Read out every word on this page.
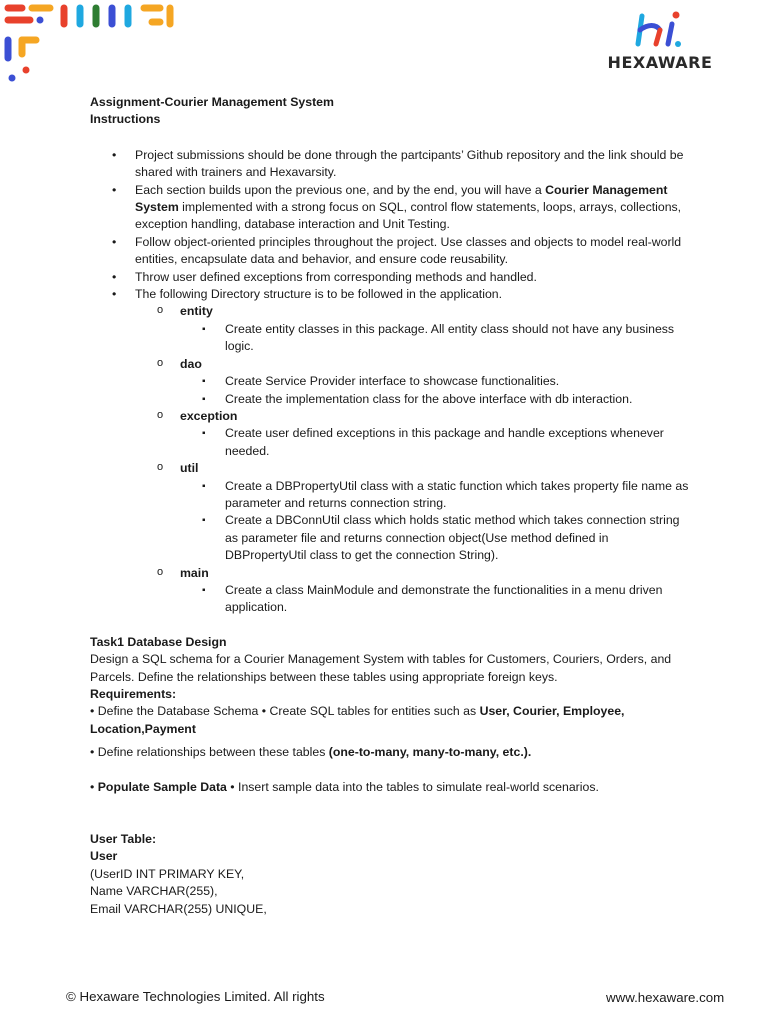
HEXAWARE

Assignment-Courier Management System

Instructions

• Project submissions should be done through the partcipants’ Github repository and the link should be shared with trainers and Hexavarsity.
• Each section builds upon the previous one, and by the end, you will have a Courier Management System implemented with a strong focus on SQL, control flow statements, loops, arrays, collections, exception handling, database interaction and Unit Testing.
• Follow object-oriented principles throughout the project. Use classes and objects to model real-world entities, encapsulate data and behavior, and ensure code reusability.
• Throw user defined exceptions from corresponding methods and handled.
• The following Directory structure is to be followed in the application.
o entity
▪ Create entity classes in this package. All entity class should not have any business logic.
o dao
▪ Create Service Provider interface to showcase functionalities.
▪ Create the implementation class for the above interface with db interaction.
o exception
▪ Create user defined exceptions in this package and handle exceptions whenever needed.
o util
▪ Create a DBPropertyUtil class with a static function which takes property file name as parameter and returns connection string.
▪ Create a DBConnUtil class which holds static method which takes connection string as parameter file and returns connection object(Use method defined in DBPropertyUtil class to get the connection String).
o main
▪ Create a class MainModule and demonstrate the functionalities in a menu driven application.

Task1 Database Design

Design a SQL schema for a Courier Management System with tables for Customers, Couriers, Orders, and Parcels. Define the relationships between these tables using appropriate foreign keys.

Requirements:

• Define the Database Schema • Create SQL tables for entities such as User, Courier, Employee, Location,Payment

• Define relationships between these tables (one-to-many, many-to-many, etc.).

• Populate Sample Data • Insert sample data into the tables to simulate real-world scenarios.

User Table:

User

(UserID INT PRIMARY KEY,

Name VARCHAR(255),

Email VARCHAR(255) UNIQUE,

© Hexaware Technologies Limited. All rights	www.hexaware.com
